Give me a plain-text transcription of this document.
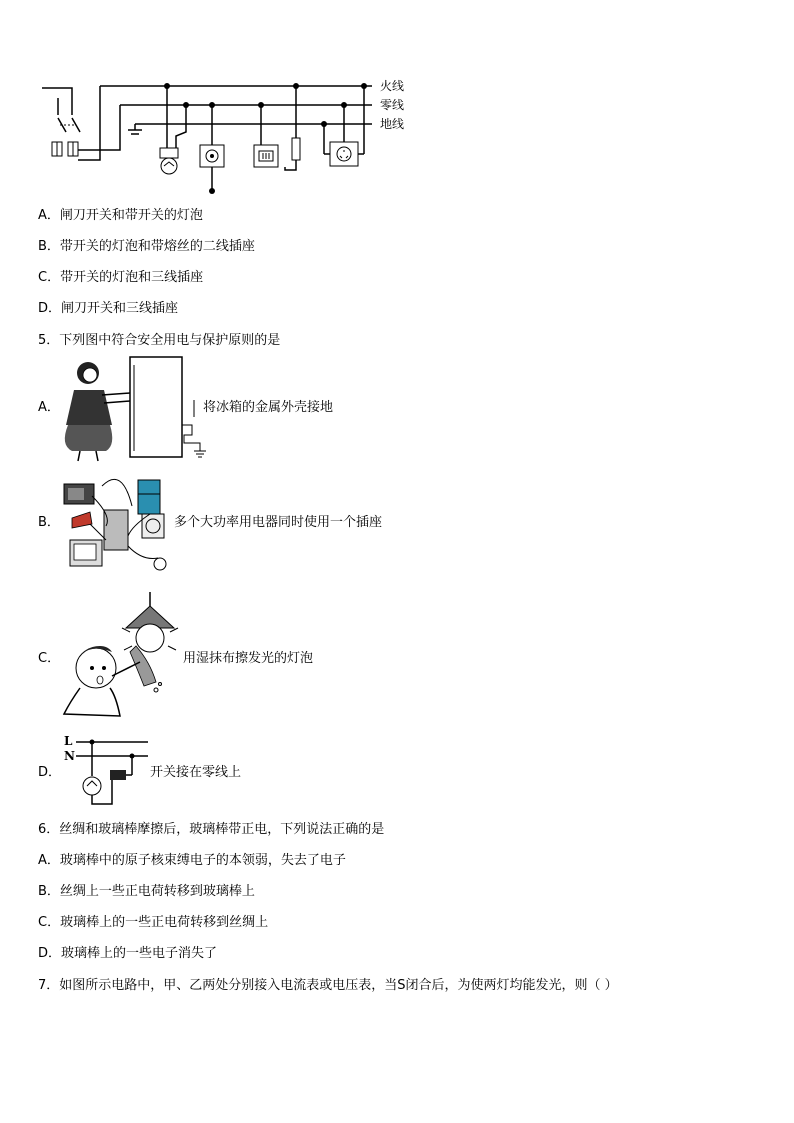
火线
零线
地线
A．闸刀开关和带开关的灯泡
B．带开关的灯泡和带熔丝的二线插座
C．带开关的灯泡和三线插座
D．闸刀开关和三线插座
5．下列图中符合安全用电与保护原则的是
A．	将冰箱的金属外壳接地
B．	多个大功率用电器同时使用一个插座
C．	用湿抹布擦发光的灯泡
D．
L
N
开关接在零线上
6．丝绸和玻璃棒摩擦后，玻璃棒带正电，下列说法正确的是
A．玻璃棒中的原子核束缚电子的本领弱，失去了电子
B．丝绸上一些正电荷转移到玻璃棒上
C．玻璃棒上的一些正电荷转移到丝绸上
D．玻璃棒上的一些电子消失了
7．如图所示电路中，甲、乙两处分别接入电流表或电压表，当S闭合后，为使两灯均能发光，则（ ）
